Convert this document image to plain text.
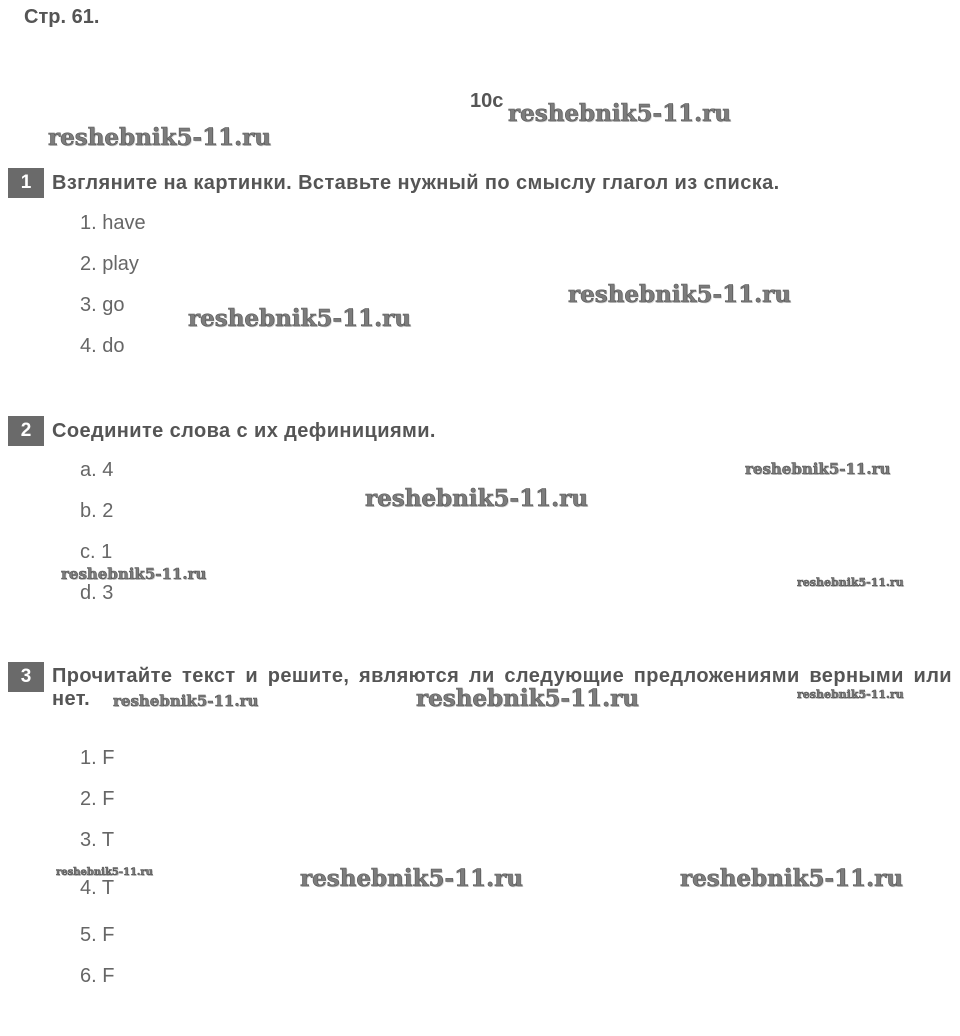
Стр. 61.
10c
1	Взгляните на картинки. Вставьте нужный по смыслу глагол из списка.
1. have
2. play
3. go
4. do
2	Соедините слова с их дефинициями.
a. 4
b. 2
c. 1
d. 3
3	Прочитайте текст и решите, являются ли следующие предложениями верными или нет.
1. F
2. F
3. T
4. T
5. F
6. F
reshebnik5-11.ru
reshebnik5-11.ru
reshebnik5-11.ru
reshebnik5-11.ru
reshebnik5-11.ru
reshebnik5-11.ru
reshebnik5-11.ru	reshebnik5-11.ru
reshebnik5-11.ru
reshebnik5-11.ru	reshebnik5-11.ru
reshebnik5-11.ru	reshebnik5-11.ru	reshebnik5-11.ru
